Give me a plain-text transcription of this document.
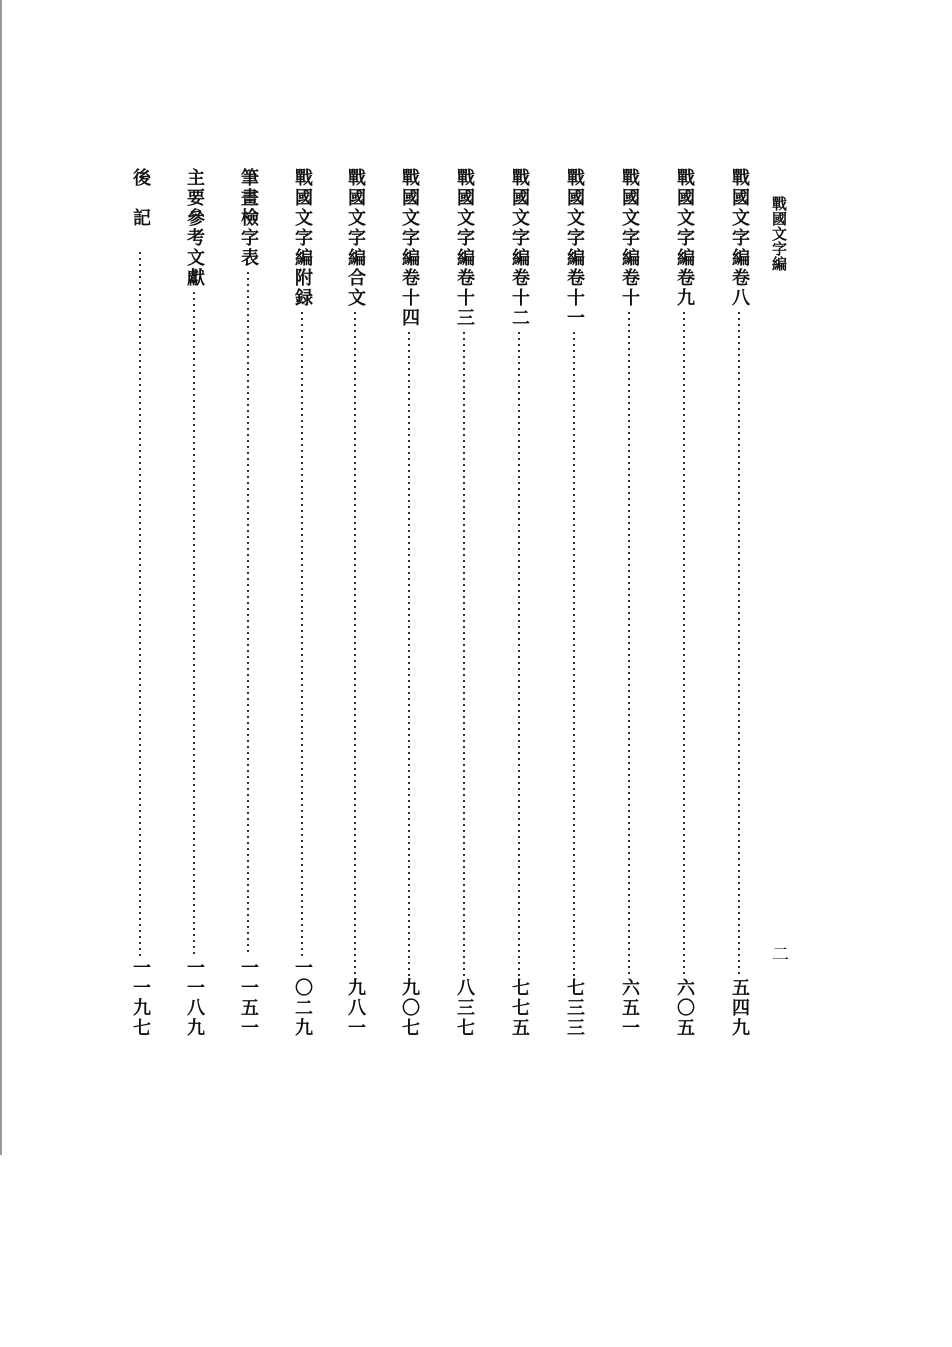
戰國文字編
二
戰國文字編卷八
五四九
戰國文字編卷九
六〇五
戰國文字編卷十
六五一
戰國文字編卷十一
七三三
戰國文字編卷十二
七七五
戰國文字編卷十三
八三七
戰國文字編卷十四
九〇七
戰國文字編合文
九八一
戰國文字編附録
一〇二九
筆畫檢字表
一一五一
主要參考文獻
一一八九
後記
一一九七
